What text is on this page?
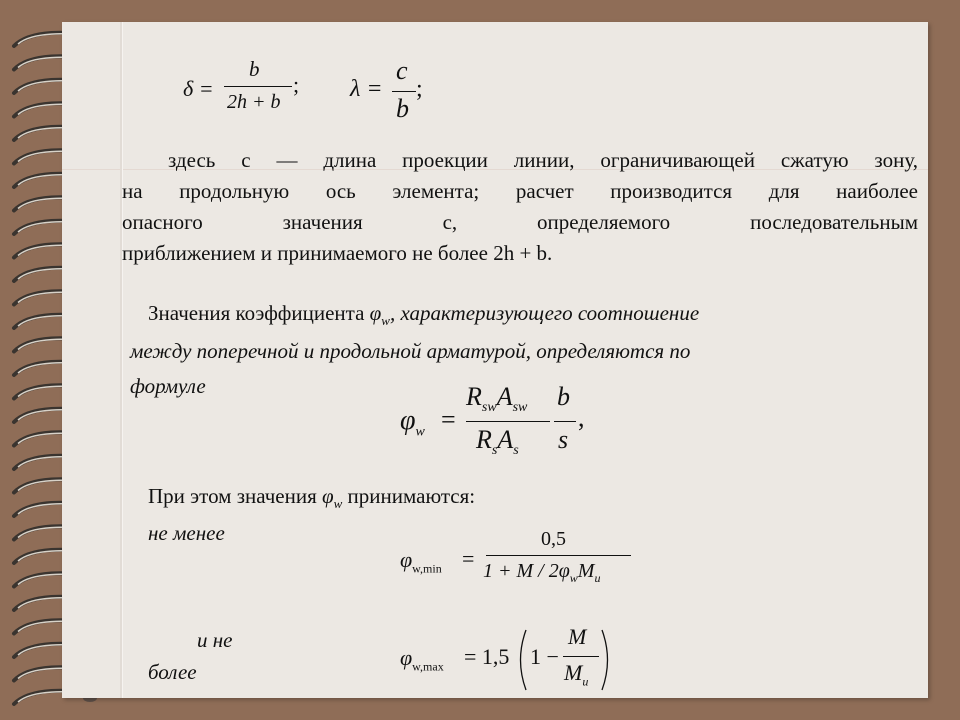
δ =
b
2h + b
; λ =
c
b
;
здесь c — длина проекции линии, ограничивающей сжатую зону,
на продольную ось элемента; расчет производится для наиболее
опасного значения c, определяемого последовательным
приближением и принимаемого не более 2h + b.
Значения коэффициента $\varphi_w$, характеризующего соотношение
между поперечной и продольной арматурой, определяются по
формуле
$\varphi_w$ =
$R_{sw}A_{sw}$
$R_sA_s$
b
s
,
При этом значения $\varphi_w$ принимаются:
не менее
$\varphi_{w,min}$ =
0,5
$1 + M / 2\varphi_wM_u$
и не
более
$\varphi_{w,max} = 1,5$ 1 −
M
$M_u$
